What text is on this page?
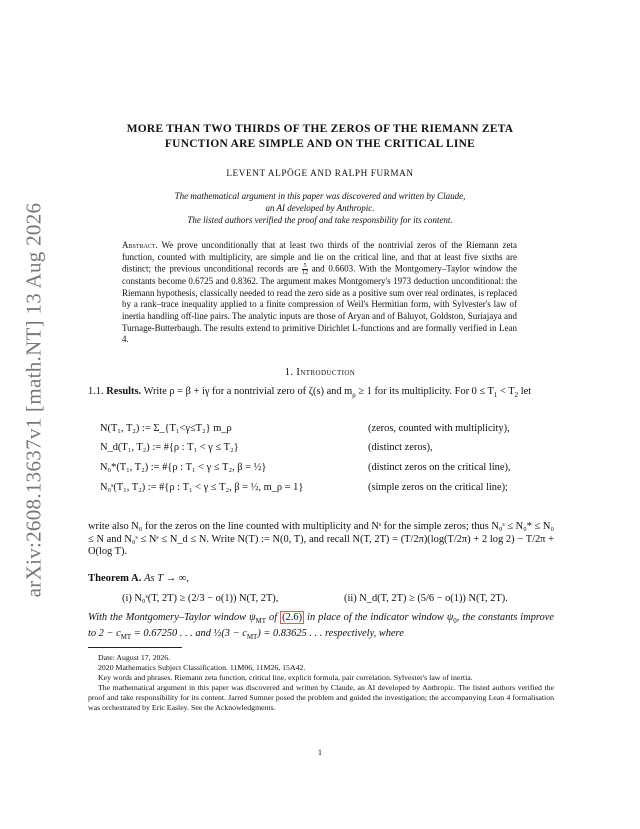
arXiv:2608.13637v1 [math.NT] 13 Aug 2026
MORE THAN TWO THIRDS OF THE ZEROS OF THE RIEMANN ZETA
FUNCTION ARE SIMPLE AND ON THE CRITICAL LINE
LEVENT ALPÖGE AND RALPH FURMAN
The mathematical argument in this paper was discovered and written by Claude,
an AI developed by Anthropic.
The listed authors verified the proof and take responsbility for its content.
Abstract. We prove unconditionally that at least two thirds of the nontrivial zeros of the Riemann zeta function, counted with multiplicity, are simple and lie on the critical line, and that at least five sixths are distinct; the previous unconditional records are $\frac{5}{12}$ and 0.6603. With the Montgomery–Taylor window the constants become 0.6725 and 0.8362. The argument makes Montgomery's 1973 deduction unconditional: the Riemann hypothesis, classically needed to read the zero side as a positive sum over real ordinates, is replaced by a rank–trace inequality applied to a finite compression of Weil's Hermitian form, with Sylvester's law of inertia handling off-line pairs. The analytic inputs are those of Aryan and of Baluyot, Goldston, Suriajaya and Turnage-Butterbaugh. The results extend to primitive Dirichlet L-functions and are formally verified in Lean 4.
1. Introduction
1.1. Results. Write ρ = β + iγ for a nontrivial zero of ζ(s) and $m_\rho \ge 1$ for its multiplicity. For $0 \le T_1 < T_2$ let
N(T₁, T₂) := Σ_{T₁<γ≤T₂} m_ρ	(zeros, counted with multiplicity),
N_d(T₁, T₂) := #{ρ : T₁ < γ ≤ T₂}	(distinct zeros),
N₀*(T₁, T₂) := #{ρ : T₁ < γ ≤ T₂, β = ½}	(distinct zeros on the critical line),
N₀ˢ(T₁, T₂) := #{ρ : T₁ < γ ≤ T₂, β = ½, m_ρ = 1}	(simple zeros on the critical line);
write also N₀ for the zeros on the line counted with multiplicity and Nˢ for the simple zeros; thus N₀ˢ ≤ N₀* ≤ N₀ ≤ N and N₀ˢ ≤ Nˢ ≤ N_d ≤ N. Write N(T) := N(0, T), and recall N(T, 2T) = (T/2π)(log(T/2π) + 2 log 2) − T/2π + O(log T).
Theorem A. As T → ∞,
(i) N₀ˢ(T, 2T) ≥ (2/3 − o(1)) N(T, 2T),	(ii) N_d(T, 2T) ≥ (5/6 − o(1)) N(T, 2T).
With the Montgomery–Taylor window $\psi_{MT}$ of (2.6) in place of the indicator window $\psi_0$, the constants improve to $2 - c_{MT} = 0.67250$ . . . and ½(3 − $c_{MT}) = 0.83625$ . . . respectively, where
Date: August 17, 2026.
2020 Mathematics Subject Classification. 11M06, 11M26, 15A42.
Key words and phrases. Riemann zeta function, critical line, explicit formula, pair correlation. Sylvester's law of inertia.
The mathematical argument in this paper was discovered and written by Claude, an AI developed by Anthropic. The listed authors verified the proof and take responsibility for its content. Jarred Sumner posed the problem and guided the investigation; the accompanying Lean 4 formalisation was orchestrated by Eric Easley. See the Acknowledgments.
1
